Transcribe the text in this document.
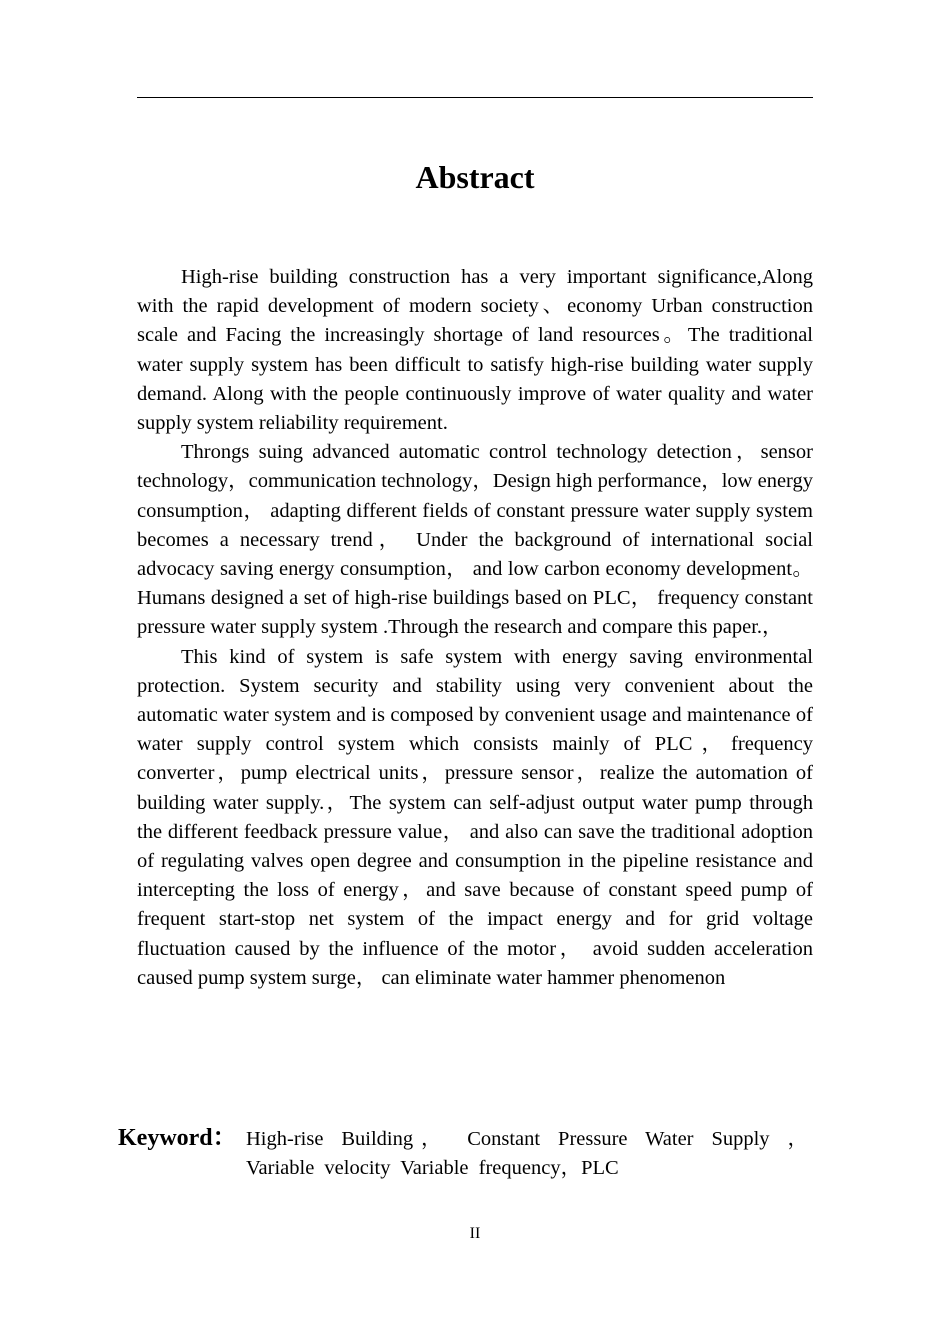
Abstract

High-rise building construction has a very important significance,Along with the rapid development of modern society、economy Urban construction scale and Facing the increasingly shortage of land resources。The traditional water supply system has been difficult to satisfy high-rise building water supply demand. Along with the people continuously improve of water quality and water supply system reliability requirement.

Throngs suing advanced automatic control technology detection，sensor technology，communication technology，Design high performance，low energy consumption， adapting different fields of constant pressure water supply system becomes a necessary trend， Under the background of international social advocacy saving energy consumption， and low carbon economy development。Humans designed a set of high-rise buildings based on PLC， frequency constant pressure water supply system .Through the research and compare this paper.，

This kind of system is safe system with energy saving environmental protection. System security and stability using very convenient about the automatic water system and is composed by convenient usage and maintenance of water supply control system which consists mainly of PLC，frequency converter，pump electrical units，pressure sensor，realize the automation of building water supply.，The system can self-adjust output water pump through the different feedback pressure value， and also can save the traditional adoption of regulating valves open degree and consumption in the pipeline resistance and intercepting the loss of energy，and save because of constant speed pump of frequent start-stop net system of the impact energy and for grid voltage fluctuation caused by the influence of the motor， avoid sudden acceleration caused pump system surge， can eliminate water hammer phenomenon

Keyword： High-rise Building， Constant Pressure Water Supply ，Variable velocity Variable frequency，PLC
II
